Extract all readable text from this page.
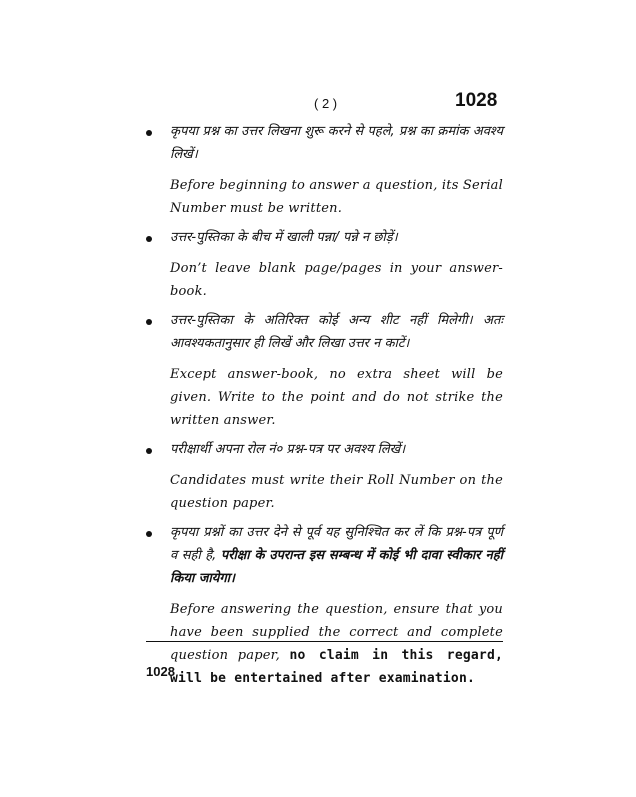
( 2 )	1028
कृपया प्रश्न का उत्तर लिखना शुरू करने से पहले, प्रश्न का क्रमांक अवश्य लिखें।
Before beginning to answer a question, its Serial Number must be written.
उत्तर-पुस्तिका के बीच में खाली पन्ना/ पन्ने न छोड़ें।
Don’t leave blank page/pages in your answer-book.
उत्तर-पुस्तिका के अतिरिक्त कोई अन्य शीट नहीं मिलेगी। अतः आवश्यकतानुसार ही लिखें और लिखा उत्तर न काटें।
Except answer-book, no extra sheet will be given. Write to the point and do not strike the written answer.
परीक्षार्थी अपना रोल नं० प्रश्न-पत्र पर अवश्य लिखें।
Candidates must write their Roll Number on the question paper.
कृपया प्रश्नों का उत्तर देने से पूर्व यह सुनिश्चित कर लें कि प्रश्न-पत्र पूर्ण व सही है, परीक्षा के उपरान्त इस सम्बन्ध में कोई भी दावा स्वीकार नहीं किया जायेगा।
Before answering the question, ensure that you have been supplied the correct and complete question paper, no claim in this regard, will be entertained after examination.
1028
